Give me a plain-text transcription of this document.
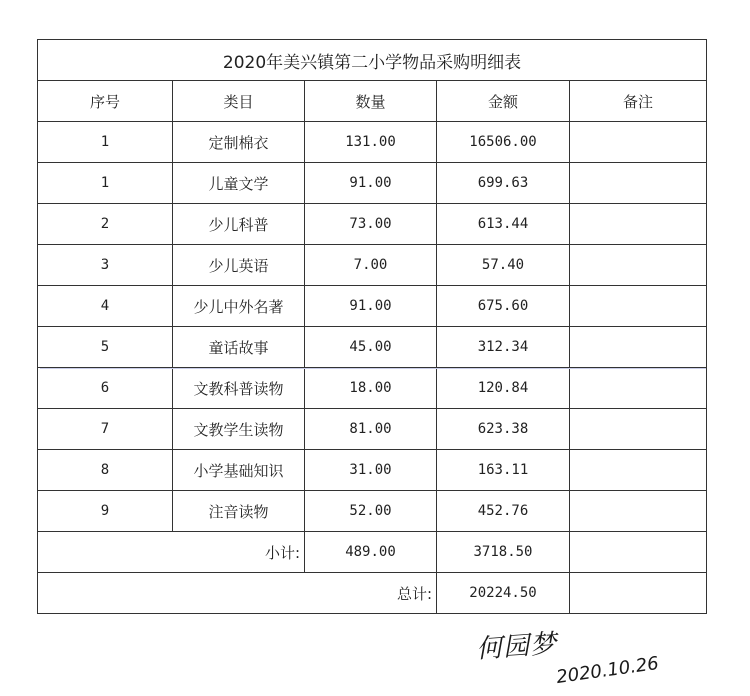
2020年美兴镇第二小学物品采购明细表				
序号	类目	数量	金额	备注
1	定制棉衣	131.00	16506.00	
1	儿童文学	91.00	699.63	
2	少儿科普	73.00	613.44	
3	少儿英语	7.00	57.40	
4	少儿中外名著	91.00	675.60	
5	童话故事	45.00	312.34	
6	文教科普读物	18.00	120.84	
7	文教学生读物	81.00	623.38	
8	小学基础知识	31.00	163.11	
9	注音读物	52.00	452.76	
小计:		489.00	3718.50	
总计:			20224.50	
何园梦
2020.10.26
